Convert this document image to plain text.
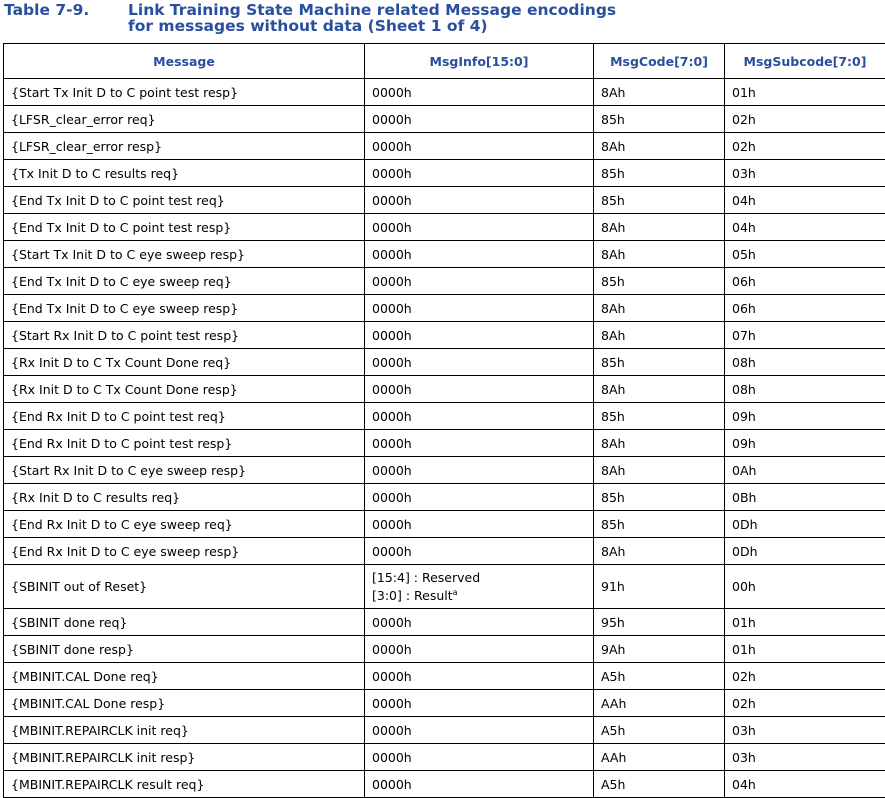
Table 7-9.	Link Training State Machine related Message encodings
for messages without data (Sheet 1 of 4)
Message	MsgInfo[15:0]	MsgCode[7:0]	MsgSubcode[7:0]
{Start Tx Init D to C point test resp}	0000h	8Ah	01h
{LFSR_clear_error req}	0000h	85h	02h
{LFSR_clear_error resp}	0000h	8Ah	02h
{Tx Init D to C results req}	0000h	85h	03h
{End Tx Init D to C point test req}	0000h	85h	04h
{End Tx Init D to C point test resp}	0000h	8Ah	04h
{Start Tx Init D to C eye sweep resp}	0000h	8Ah	05h
{End Tx Init D to C eye sweep req}	0000h	85h	06h
{End Tx Init D to C eye sweep resp}	0000h	8Ah	06h
{Start Rx Init D to C point test resp}	0000h	8Ah	07h
{Rx Init D to C Tx Count Done req}	0000h	85h	08h
{Rx Init D to C Tx Count Done resp}	0000h	8Ah	08h
{End Rx Init D to C point test req}	0000h	85h	09h
{End Rx Init D to C point test resp}	0000h	8Ah	09h
{Start Rx Init D to C eye sweep resp}	0000h	8Ah	0Ah
{Rx Init D to C results req}	0000h	85h	0Bh
{End Rx Init D to C eye sweep req}	0000h	85h	0Dh
{End Rx Init D to C eye sweep resp}	0000h	8Ah	0Dh
{SBINIT out of Reset}	[15:4] : Reserved
[3:0] : Result$^a$	91h	00h
{SBINIT done req}	0000h	95h	01h
{SBINIT done resp}	0000h	9Ah	01h
{MBINIT.CAL Done req}	0000h	A5h	02h
{MBINIT.CAL Done resp}	0000h	AAh	02h
{MBINIT.REPAIRCLK init req}	0000h	A5h	03h
{MBINIT.REPAIRCLK init resp}	0000h	AAh	03h
{MBINIT.REPAIRCLK result req}	0000h	A5h	04h
